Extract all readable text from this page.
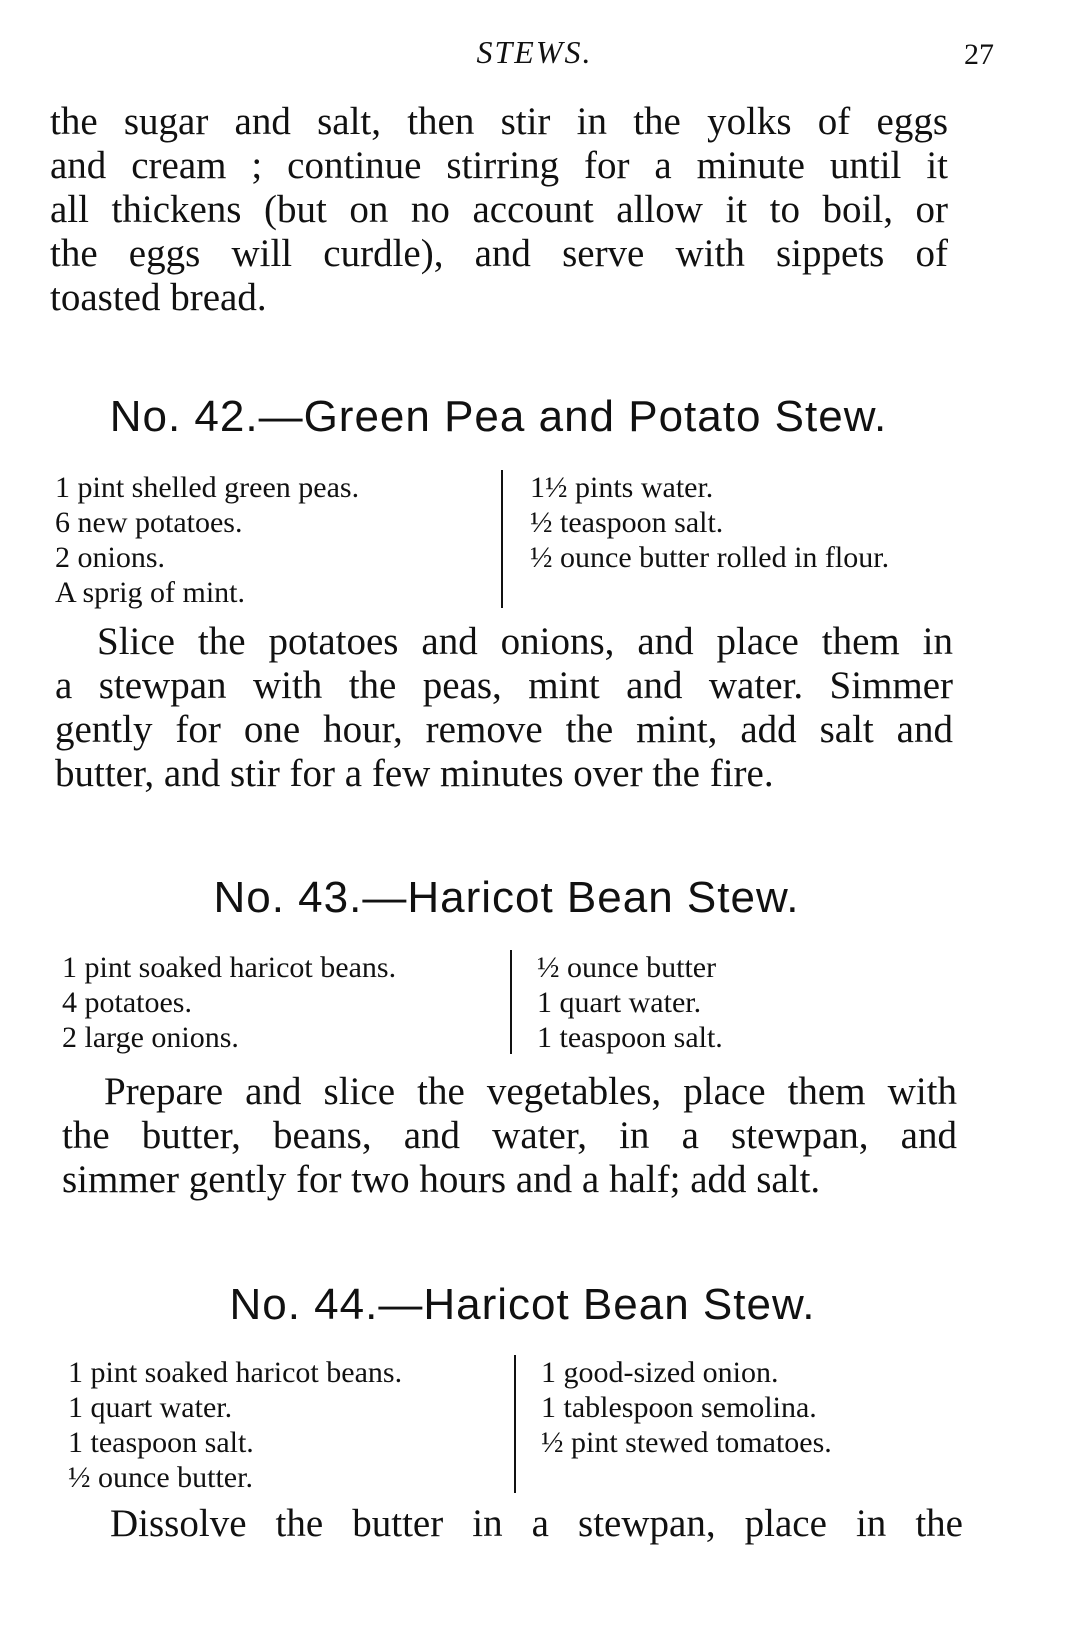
STEWS.	27

the sugar and salt, then stir in the yolks of eggs
and cream ; continue stirring for a minute until it
all thickens (but on no account allow it to boil, or
the eggs will curdle), and serve with sippets of
toasted bread.

No. 42.—Green Pea and Potato Stew.
1 pint shelled green peas.
6 new potatoes.
2 onions.
A sprig of mint.
1½ pints water.
½ teaspoon salt.
½ ounce butter rolled in flour.

Slice the potatoes and onions, and place them in
a stewpan with the peas, mint and water. Simmer
gently for one hour, remove the mint, add salt and
butter, and stir for a few minutes over the fire.

No. 43.—Haricot Bean Stew.
1 pint soaked haricot beans.
4 potatoes.
2 large onions.
½ ounce butter
1 quart water.
1 teaspoon salt.

Prepare and slice the vegetables, place them with
the butter, beans, and water, in a stewpan, and
simmer gently for two hours and a half; add salt.

No. 44.—Haricot Bean Stew.
1 pint soaked haricot beans.
1 quart water.
1 teaspoon salt.
½ ounce butter.
1 good-sized onion.
1 tablespoon semolina.
½ pint stewed tomatoes.

Dissolve the butter in a stewpan, place in the
